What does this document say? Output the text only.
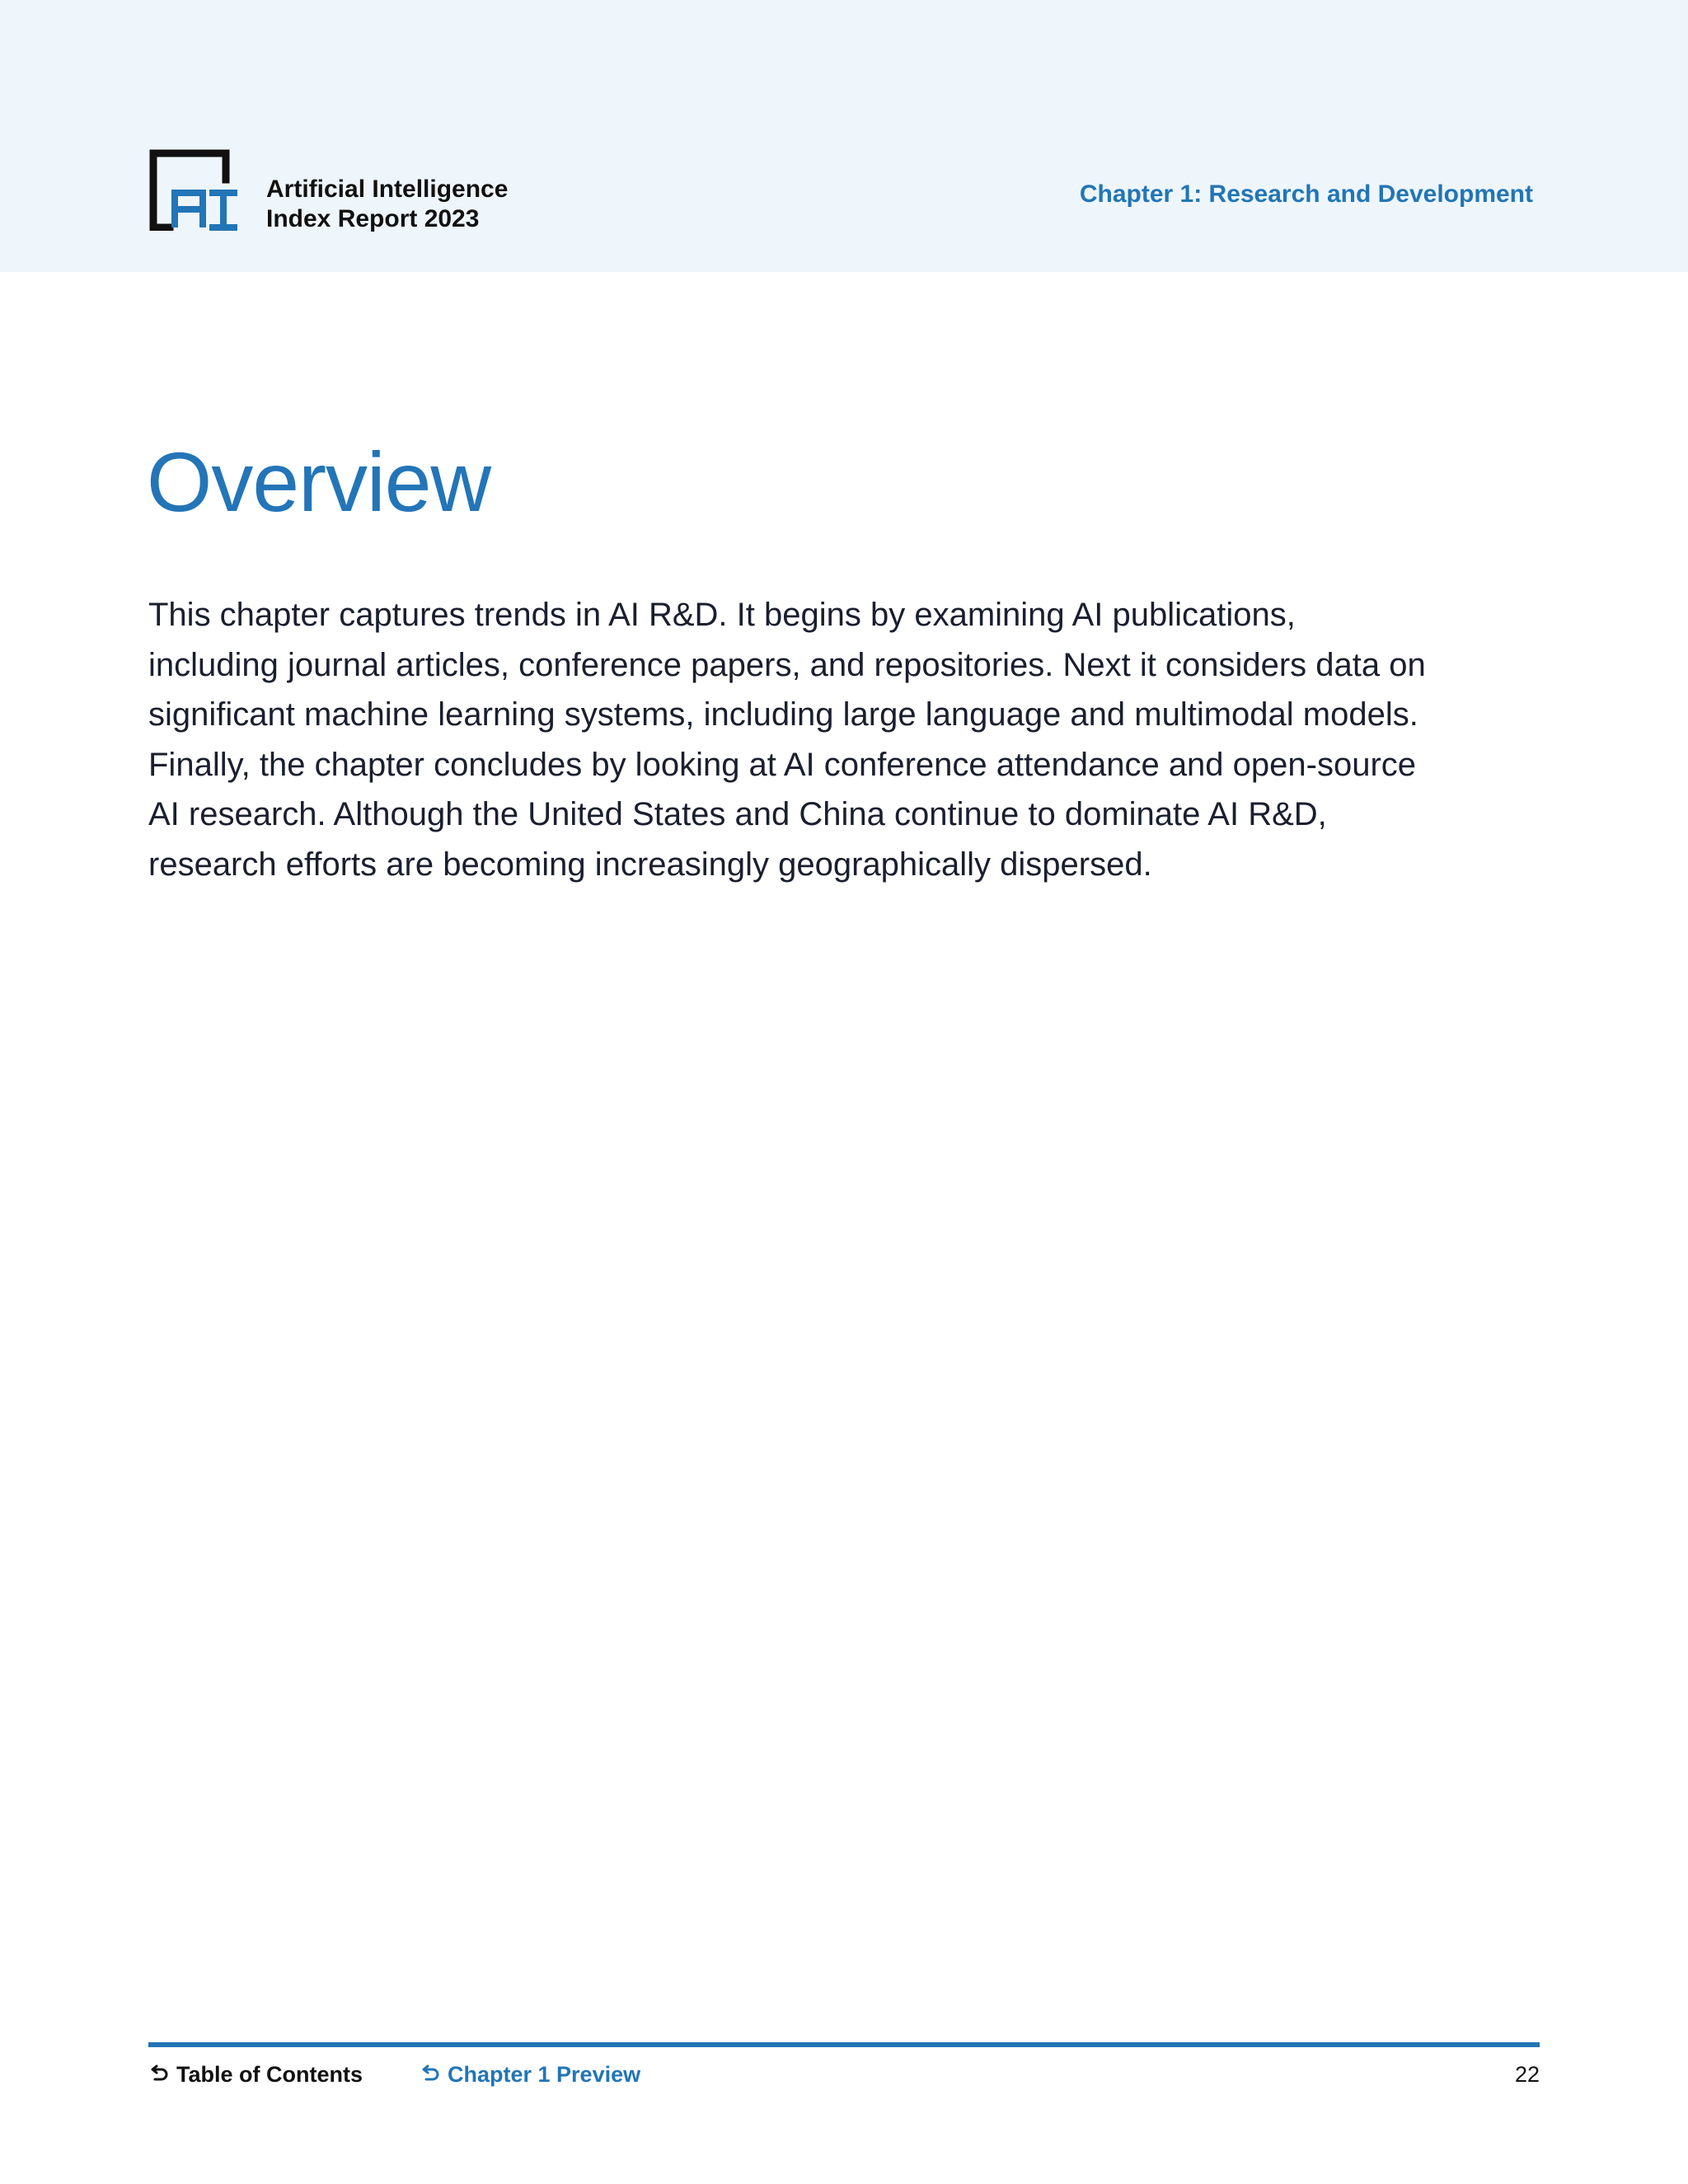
Artificial Intelligence
Index Report 2023

Chapter 1: Research and Development

Overview

This chapter captures trends in AI R&D. It begins by examining AI publications, including journal articles, conference papers, and repositories. Next it considers data on significant machine learning systems, including large language and multimodal models. Finally, the chapter concludes by looking at AI conference attendance and open-source AI research. Although the United States and China continue to dominate AI R&D, research efforts are becoming increasingly geographically dispersed.

Table of Contents	Chapter 1 Preview	22
